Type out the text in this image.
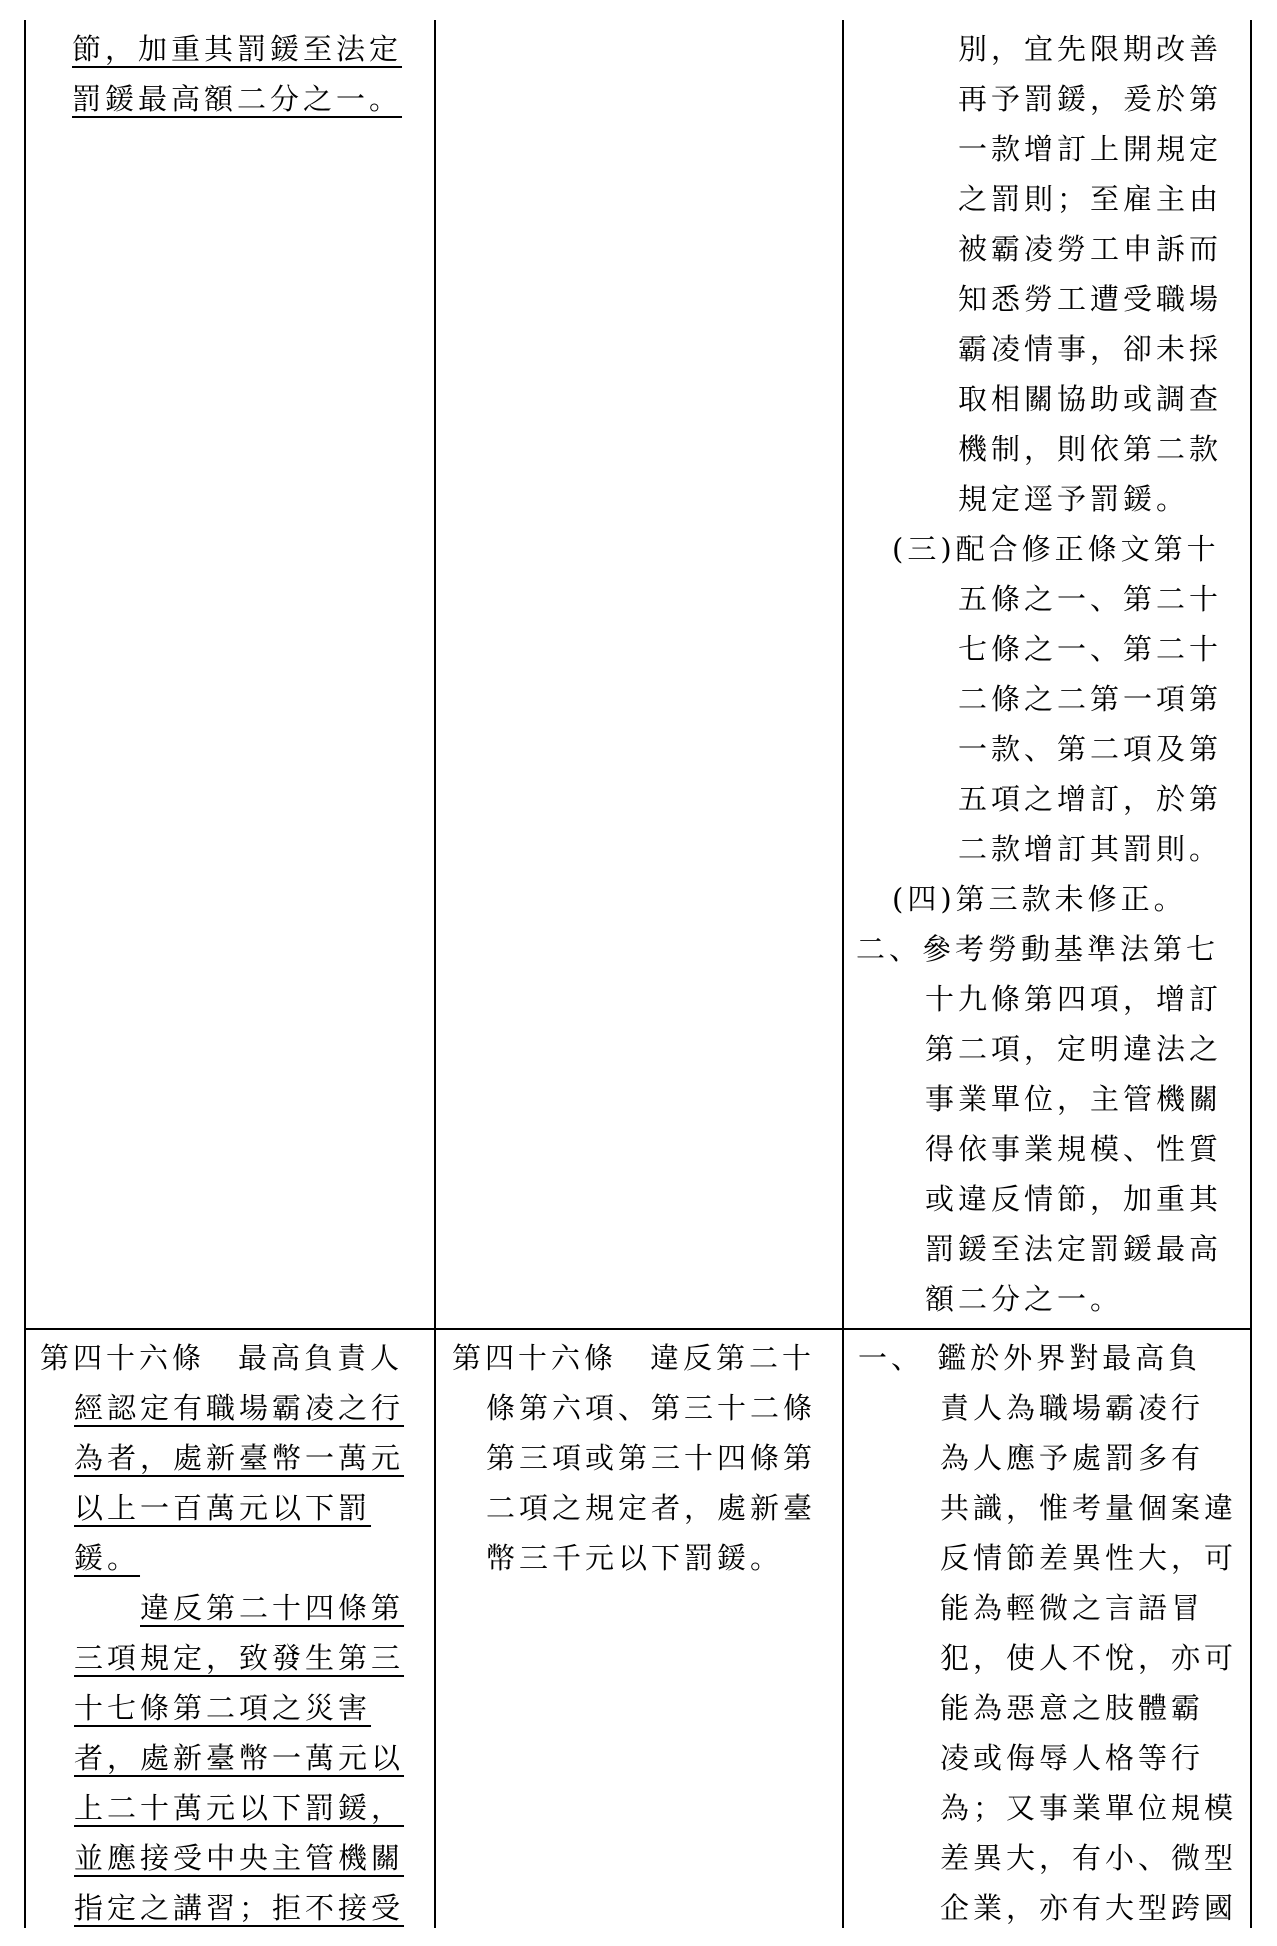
節，加重其罰鍰至法定
罰鍰最高額二分之一。
別，宜先限期改善
再予罰鍰，爰於第
一款增訂上開規定
之罰則；至雇主由
被霸凌勞工申訴而
知悉勞工遭受職場
霸凌情事，卻未採
取相關協助或調查
機制，則依第二款
規定逕予罰鍰。
(三)配合修正條文第十
五條之一、第二十
七條之一、第二十
二條之二第一項第
一款、第二項及第
五項之增訂，於第
二款增訂其罰則。
(四)第三款未修正。
二、參考勞動基準法第七
十九條第四項，增訂
第二項，定明違法之
事業單位，主管機關
得依事業規模、性質
或違反情節，加重其
罰鍰至法定罰鍰最高
額二分之一。
第四十六條　最高負責人
經認定有職場霸凌之行
為者，處新臺幣一萬元
以上一百萬元以下罰
鍰。
違反第二十四條第
三項規定，致發生第三
十七條第二項之災害
者，處新臺幣一萬元以
上二十萬元以下罰鍰，
並應接受中央主管機關
指定之講習；拒不接受
第四十六條　違反第二十
條第六項、第三十二條
第三項或第三十四條第
二項之規定者，處新臺
幣三千元以下罰鍰。
一、 鑑於外界對最高負
責人為職場霸凌行
為人應予處罰多有
共識，惟考量個案違
反情節差異性大，可
能為輕微之言語冒
犯，使人不悅，亦可
能為惡意之肢體霸
凌或侮辱人格等行
為；又事業單位規模
差異大，有小、微型
企業，亦有大型跨國
